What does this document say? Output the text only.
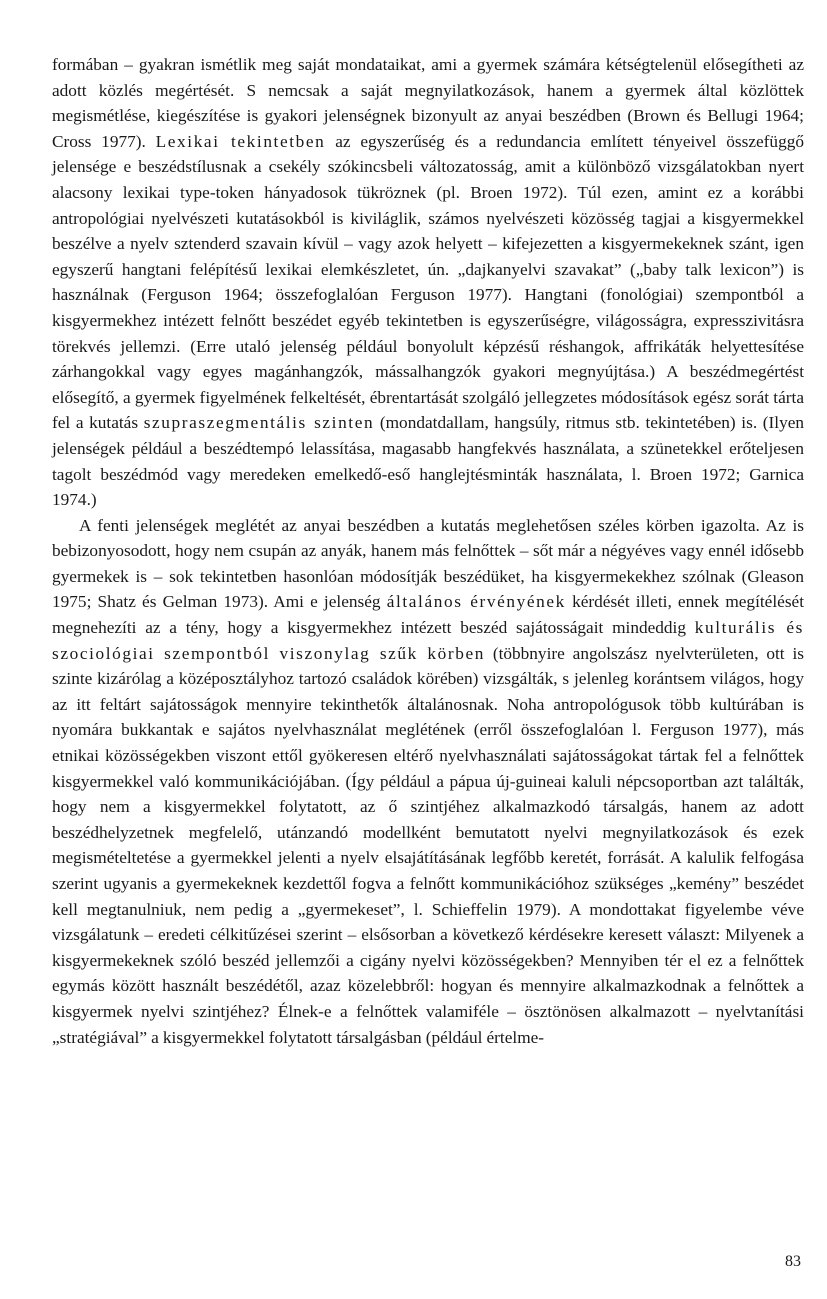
formában – gyakran ismétlik meg saját mondataikat, ami a gyermek számára kétségtelenül elősegítheti az adott közlés megértését. S nemcsak a saját megnyilatkozások, hanem a gyermek által közlöttek megismétlése, kiegészítése is gyakori jelenségnek bizonyult az anyai beszédben (Brown és Bellugi 1964; Cross 1977). Lexikai tekintetben az egyszerűség és a redundancia említett tényeivel összefüggő jelensége e beszédstílusnak a csekély szókincsbeli változatosság, amit a különböző vizsgálatokban nyert alacsony lexikai type-token hányadosok tükröznek (pl. Broen 1972). Túl ezen, amint ez a korábbi antropológiai nyelvészeti kutatásokból is kiviláglik, számos nyelvészeti közösség tagjai a kisgyermekkel beszélve a nyelv sztenderd szavain kívül – vagy azok helyett – kifejezetten a kisgyermekeknek szánt, igen egyszerű hangtani felépítésű lexikai elemkészletet, ún. „dajkanyelvi szavakat” („baby talk lexicon”) is használnak (Ferguson 1964; összefoglalóan Ferguson 1977). Hangtani (fonológiai) szempontból a kisgyermekhez intézett felnőtt beszédet egyéb tekintetben is egyszerűségre, világosságra, expresszivitásra törekvés jellemzi. (Erre utaló jelenség például bonyolult képzésű réshangok, affrikáták helyettesítése zárhangokkal vagy egyes magánhangzók, mássalhangzók gyakori megnyújtása.) A beszédmegértést elősegítő, a gyermek figyelmének felkeltését, ébrentartását szolgáló jellegzetes módosítások egész sorát tárta fel a kutatás szupraszegmentális szinten (mondatdallam, hangsúly, ritmus stb. tekintetében) is. (Ilyen jelenségek például a beszédtempó lelassítása, magasabb hangfekvés használata, a szünetekkel erőteljesen tagolt beszédmód vagy meredeken emelkedő-eső hanglejtésminták használata, l. Broen 1972; Garnica 1974.)

A fenti jelenségek meglétét az anyai beszédben a kutatás meglehetősen széles körben igazolta. Az is bebizonyosodott, hogy nem csupán az anyák, hanem más felnőttek – sőt már a négyéves vagy ennél idősebb gyermekek is – sok tekintetben hasonlóan módosítják beszédüket, ha kisgyermekekhez szólnak (Gleason 1975; Shatz és Gelman 1973). Ami e jelenség általános érvényének kérdését illeti, ennek megítélését megnehezíti az a tény, hogy a kisgyermekhez intézett beszéd sajátosságait mindeddig kulturális és szociológiai szempontból viszonylag szűk körben (többnyire angolszász nyelvterületen, ott is szinte kizárólag a középosztályhoz tartozó családok körében) vizsgálták, s jelenleg korántsem világos, hogy az itt feltárt sajátosságok mennyire tekinthetők általánosnak. Noha antropológusok több kultúrában is nyomára bukkantak e sajátos nyelvhasználat meglétének (erről összefoglalóan l. Ferguson 1977), más etnikai közösségekben viszont ettől gyökeresen eltérő nyelvhasználati sajátosságokat tártak fel a felnőttek kisgyermekkel való kommunikációjában. (Így például a pápua új-guineai kaluli népcsoportban azt találták, hogy nem a kisgyermekkel folytatott, az ő szintjéhez alkalmazkodó társalgás, hanem az adott beszédhelyzetnek megfelelő, utánzandó modellként bemutatott nyelvi megnyilatkozások és ezek megismételtetése a gyermekkel jelenti a nyelv elsajátításának legfőbb keretét, forrását. A kalulik felfogása szerint ugyanis a gyermekeknek kezdettől fogva a felnőtt kommunikációhoz szükséges „kemény” beszédet kell megtanulniuk, nem pedig a „gyermekeset”, l. Schieffelin 1979). A mondottakat figyelembe véve vizsgálatunk – eredeti célkitűzései szerint – elsősorban a következő kérdésekre keresett választ: Milyenek a kisgyermekeknek szóló beszéd jellemzői a cigány nyelvi közösségekben? Mennyiben tér el ez a felnőttek egymás között használt beszédétől, azaz közelebbről: hogyan és mennyire alkalmazkodnak a felnőttek a kisgyermek nyelvi szintjéhez? Élnek-e a felnőttek valamiféle – ösztönösen alkalmazott – nyelvtanítási „stratégiával” a kisgyermekkel folytatott társalgásban (például értelme-

83
